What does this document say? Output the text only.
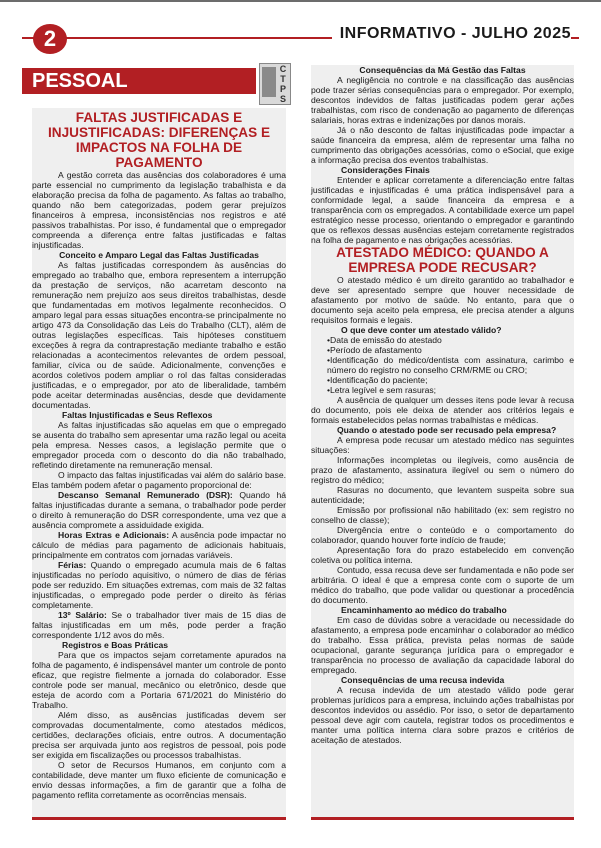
2	INFORMATIVO - JULHO 2025
PESSOAL
C
T
P
S

FALTAS JUSTIFICADAS E INJUSTIFICADAS: DIFERENÇAS E IMPACTOS NA FOLHA DE PAGAMENTO

A gestão correta das ausências dos colaboradores é uma parte essencial no cumprimento da legislação trabalhista e da elaboração precisa da folha de pagamento. As faltas ao trabalho, quando não bem categorizadas, podem gerar prejuízos financeiros à empresa, inconsistências nos registros e até passivos trabalhistas. Por isso, é fundamental que o empregador compreenda a diferença entre faltas justificadas e faltas injustificadas.

Conceito e Amparo Legal das Faltas Justificadas

As faltas justificadas correspondem às ausências do empregado ao trabalho que, embora representem a interrupção da prestação de serviços, não acarretam desconto na remuneração nem prejuízo aos seus direitos trabalhistas, desde que fundamentadas em motivos legalmente reconhecidos. O amparo legal para essas situações encontra-se principalmente no artigo 473 da Consolidação das Leis do Trabalho (CLT), além de outras legislações específicas. Tais hipóteses constituem exceções à regra da contraprestação mediante trabalho e estão relacionadas a acontecimentos relevantes de ordem pessoal, familiar, cívica ou de saúde. Adicionalmente, convenções e acordos coletivos podem ampliar o rol das faltas consideradas justificadas, e o empregador, por ato de liberalidade, também pode aceitar determinadas ausências, desde que devidamente documentadas.

Faltas Injustificadas e Seus Reflexos

As faltas injustificadas são aquelas em que o empregado se ausenta do trabalho sem apresentar uma razão legal ou aceita pela empresa. Nesses casos, a legislação permite que o empregador proceda com o desconto do dia não trabalhado, refletindo diretamente na remuneração mensal.

O impacto das faltas injustificadas vai além do salário base. Elas também podem afetar o pagamento proporcional de:

Descanso Semanal Remunerado (DSR): Quando há faltas injustificadas durante a semana, o trabalhador pode perder o direito à remuneração do DSR correspondente, uma vez que a ausência compromete a assiduidade exigida.

Horas Extras e Adicionais: A ausência pode impactar no cálculo de médias para pagamento de adicionais habituais, principalmente em contratos com jornadas variáveis.

Férias: Quando o empregado acumula mais de 6 faltas injustificadas no período aquisitivo, o número de dias de férias pode ser reduzido. Em situações extremas, com mais de 32 faltas injustificadas, o empregado pode perder o direito às férias completamente.

13º Salário: Se o trabalhador tiver mais de 15 dias de faltas injustificadas em um mês, pode perder a fração correspondente 1/12 avos do mês.

Registros e Boas Práticas

Para que os impactos sejam corretamente apurados na folha de pagamento, é indispensável manter um controle de ponto eficaz, que registre fielmente a jornada do colaborador. Esse controle pode ser manual, mecânico ou eletrônico, desde que esteja de acordo com a Portaria 671/2021 do Ministério do Trabalho.

Além disso, as ausências justificadas devem ser comprovadas documentalmente, como atestados médicos, certidões, declarações oficiais, entre outros. A documentação precisa ser arquivada junto aos registros de pessoal, pois pode ser exigida em fiscalizações ou processos trabalhistas.

O setor de Recursos Humanos, em conjunto com a contabilidade, deve manter um fluxo eficiente de comunicação e envio dessas informações, a fim de garantir que a folha de pagamento reflita corretamente as ocorrências mensais.

Consequências da Má Gestão das Faltas

A negligência no controle e na classificação das ausências pode trazer sérias consequências para o empregador. Por exemplo, descontos indevidos de faltas justificadas podem gerar ações trabalhistas, com risco de condenação ao pagamento de diferenças salariais, horas extras e indenizações por danos morais.

Já o não desconto de faltas injustificadas pode impactar a saúde financeira da empresa, além de representar uma falha no cumprimento das obrigações acessórias, como o eSocial, que exige a informação precisa dos eventos trabalhistas.

Considerações Finais

Entender e aplicar corretamente a diferenciação entre faltas justificadas e injustificadas é uma prática indispensável para a conformidade legal, a saúde financeira da empresa e a transparência com os empregados. A contabilidade exerce um papel estratégico nesse processo, orientando o empregador e garantindo que os reflexos dessas ausências estejam corretamente registrados na folha de pagamento e nas obrigações acessórias.

ATESTADO MÉDICO: QUANDO A EMPRESA PODE RECUSAR?

O atestado médico é um direito garantido ao trabalhador e deve ser apresentado sempre que houver necessidade de afastamento por motivo de saúde. No entanto, para que o documento seja aceito pela empresa, ele precisa atender a alguns requisitos formais e legais.

O que deve conter um atestado válido?

•Data de emissão do atestado

•Período de afastamento

•Identificação do médico/dentista com assinatura, carimbo e número do registro no conselho CRM/RME ou CRO;

•Identificação do paciente;

•Letra legível e sem rasuras;

A ausência de qualquer um desses itens pode levar à recusa do documento, pois ele deixa de atender aos critérios legais e formais estabelecidos pelas normas trabalhistas e médicas.

Quando o atestado pode ser recusado pela empresa?

A empresa pode recusar um atestado médico nas seguintes situações:

Informações incompletas ou ilegíveis, como ausência de prazo de afastamento, assinatura ilegível ou sem o número do registro do médico;

Rasuras no documento, que levantem suspeita sobre sua autenticidade;

Emissão por profissional não habilitado (ex: sem registro no conselho de classe);

Divergência entre o conteúdo e o comportamento do colaborador, quando houver forte indício de fraude;

Apresentação fora do prazo estabelecido em convenção coletiva ou política interna.

Contudo, essa recusa deve ser fundamentada e não pode ser arbitrária. O ideal é que a empresa conte com o suporte de um médico do trabalho, que pode validar ou questionar a procedência do documento.

Encaminhamento ao médico do trabalho

Em caso de dúvidas sobre a veracidade ou necessidade do afastamento, a empresa pode encaminhar o colaborador ao médico do trabalho. Essa prática, prevista pelas normas de saúde ocupacional, garante segurança jurídica para o empregador e transparência no processo de avaliação da capacidade laboral do empregado.

Consequências de uma recusa indevida

A recusa indevida de um atestado válido pode gerar problemas jurídicos para a empresa, incluindo ações trabalhistas por descontos indevidos ou assédio. Por isso, o setor de departamento pessoal deve agir com cautela, registrar todos os procedimentos e manter uma política interna clara sobre prazos e critérios de aceitação de atestados.
